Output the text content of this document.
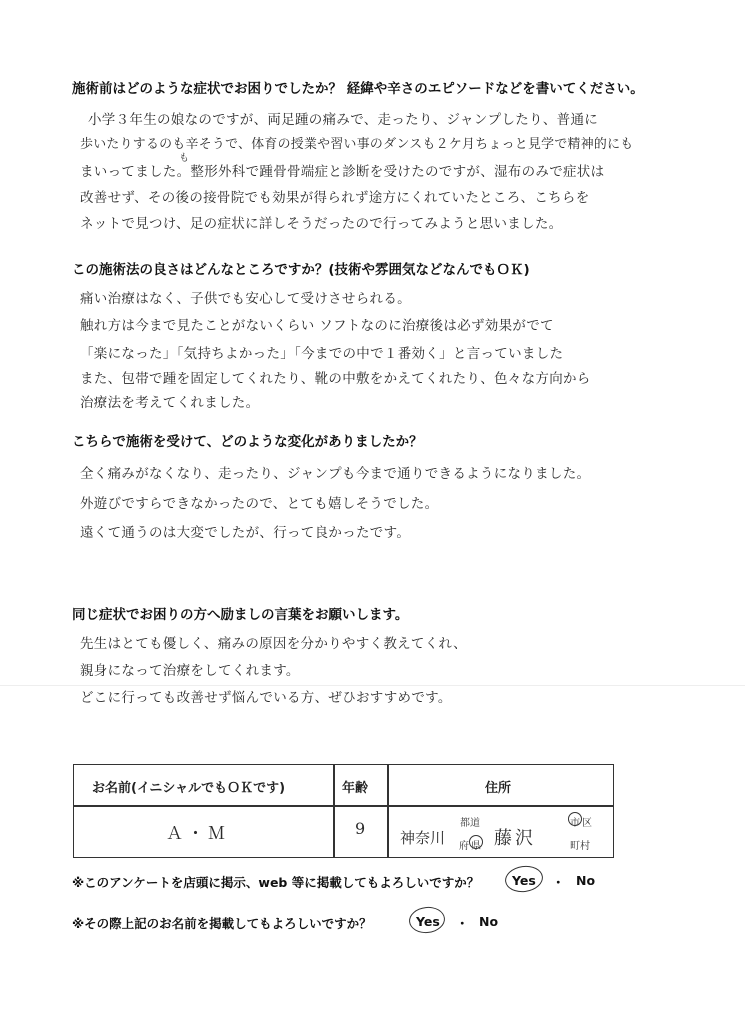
施術前はどのような症状でお困りでしたか？ 経緯や辛さのエピソードなどを書いてください。
小学３年生の娘なのですが、両足踵の痛みで、走ったり、ジャンプしたり、普通に
歩いたりするのも辛そうで、体育の授業や習い事のダンスも２ケ月ちょっと見学で精神的にも
も
まいってました。整形外科で踵骨骨端症と診断を受けたのですが、湿布のみで症状は
改善せず、その後の接骨院でも効果が得られず途方にくれていたところ、こちらを
ネットで見つけ、足の症状に詳しそうだったので行ってみようと思いました。
この施術法の良さはどんなところですか？(技術や雰囲気などなんでもＯＫ)
痛い治療はなく、子供でも安心して受けさせられる。
触れ方は今まで見たことがないくらい ソフトなのに治療後は必ず効果がでて
「楽になった」「気持ちよかった」「今までの中で１番効く」と言っていました
また、包帯で踵を固定してくれたり、靴の中敷をかえてくれたり、色々な方向から
治療法を考えてくれました。
こちらで施術を受けて、どのような変化がありましたか？
全く痛みがなくなり、走ったり、ジャンプも今まで通りできるようになりました。
外遊びですらできなかったので、とても嬉しそうでした。
遠くて通うのは大変でしたが、行って良かったです。
同じ症状でお困りの方へ励ましの言葉をお願いします。
先生はとても優しく、痛みの原因を分かりやすく教えてくれ、
親身になって治療をしてくれます。
どこに行っても改善せず悩んでいる方、ぜひおすすめです。
お名前(イニシャルでもＯＫです)	年齢	住所
Ａ・Ｍ	9 神奈川
都道
府 県 藤沢
市 区
町村
※このアンケートを店頭に掲示、web 等に掲載してもよろしいですか？	Yes ・ No
※その際上記のお名前を掲載してもよろしいですか？	Yes ・ No
